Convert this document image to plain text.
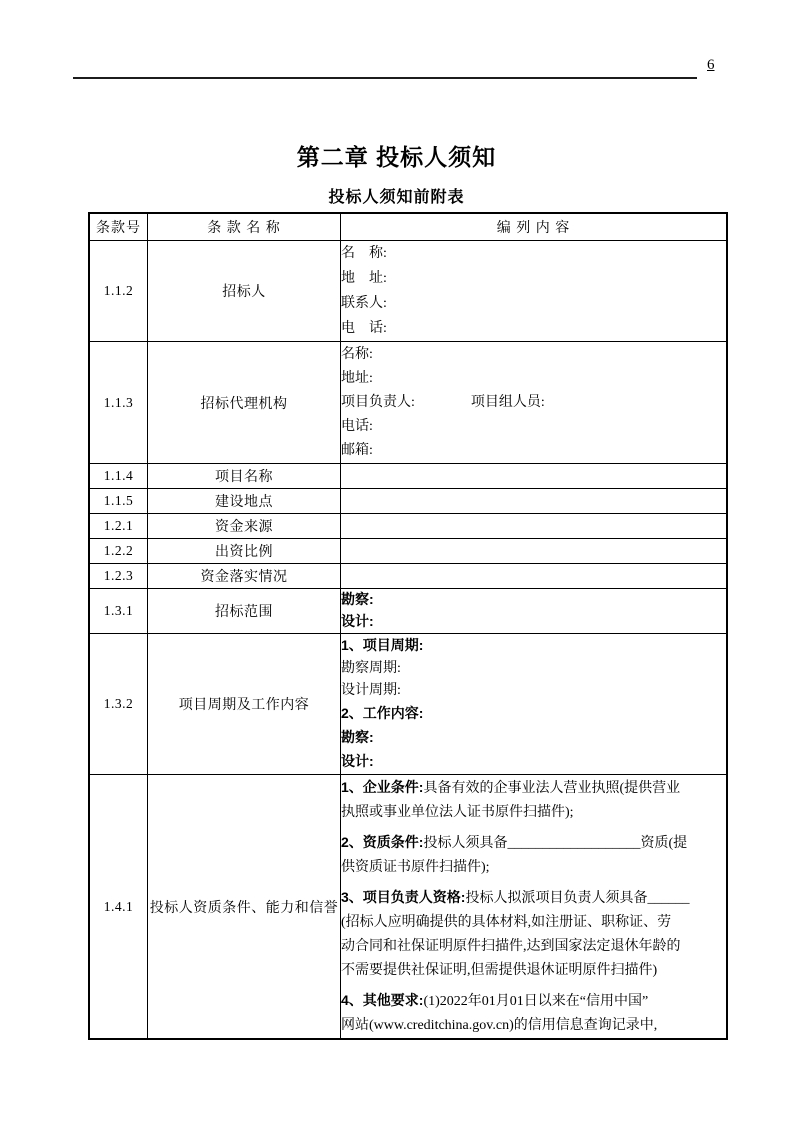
6
第二章 投标人须知
投标人须知前附表
条款号	条 款 名 称	编 列 内 容
1.1.2	招标人	名　称:
地　址:
联系人:
电　话:

1.1.3	招标代理机构	名称:
地址:
项目负责人:　　　　项目组人员:
电话:
邮箱:

1.1.4	项目名称	
1.1.5	建设地点	
1.2.1	资金来源	
1.2.2	出资比例	
1.2.3	资金落实情况	
1.3.1	招标范围	勘察:
设计:

1.3.2	项目周期及工作内容	
1、项目周期:
勘察周期:
设计周期:
2、工作内容:
勘察:
设计:

1.4.1	投标人资质条件、能力和信誉	
1、企业条件:具备有效的企事业法人营业执照(提供营业
执照或事业单位法人证书原件扫描件);
2、资质条件:投标人须具备___________________资质(提
供资质证书原件扫描件);
3、项目负责人资格:投标人拟派项目负责人须具备______
(招标人应明确提供的具体材料,如注册证、职称证、劳
动合同和社保证明原件扫描件,达到国家法定退休年龄的
不需要提供社保证明,但需提供退休证明原件扫描件)
4、其他要求:(1)2022年01月01日以来在“信用中国”
网站(www.creditchina.gov.cn)的信用信息查询记录中,
